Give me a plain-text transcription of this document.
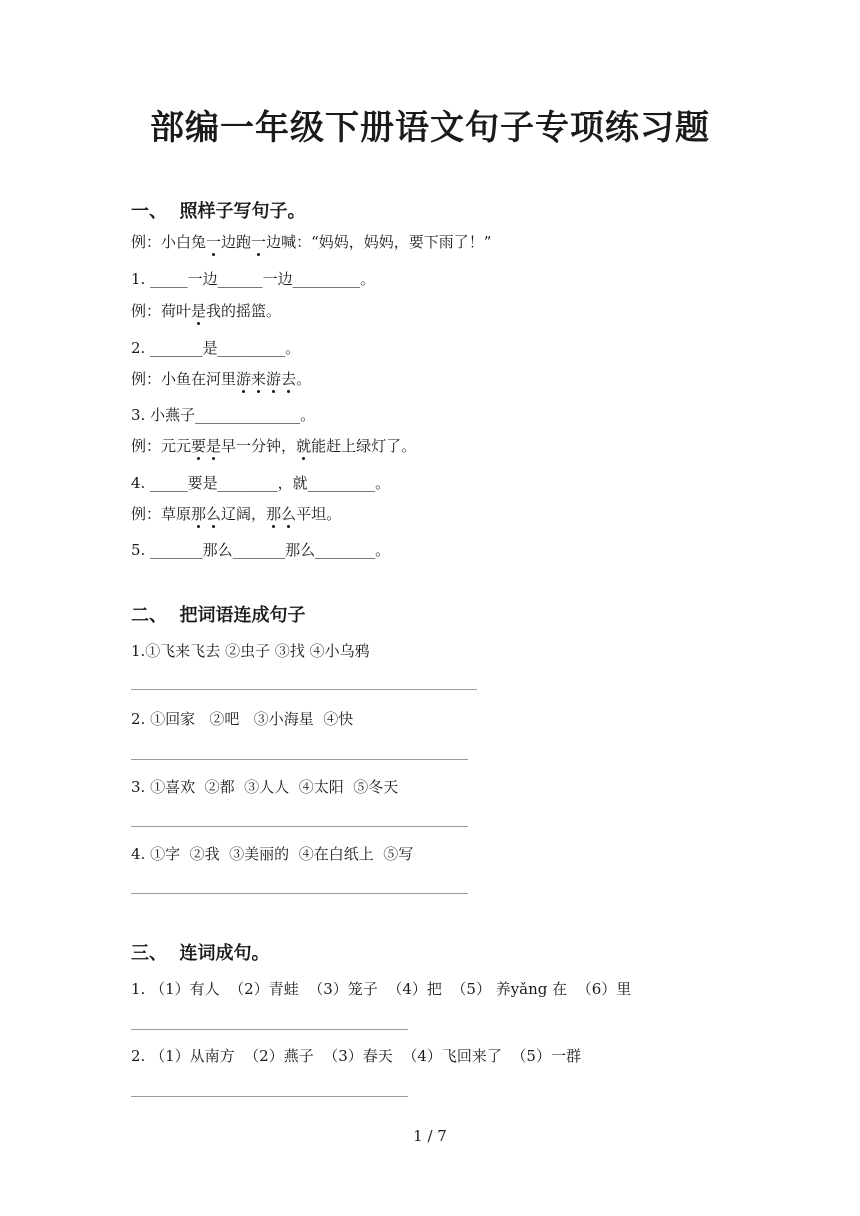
部编一年级下册语文句子专项练习题
一、  照样子写句子。
例：小白兔一边跑一边喊：“妈妈，妈妈，要下雨了！”
1. _____一边______一边_________。
例：荷叶是我的摇篮。
2. _______是_________。
例：小鱼在河里游来游去。
3. 小燕子______________。
例：元元要是早一分钟，就能赶上绿灯了。
4. _____要是________，就_________。
例：草原那么辽阔，那么平坦。
5. _______那么_______那么________。
二、  把词语连成句子
1.①飞来飞去 ②虫子 ③找 ④小乌鸦
2. ①回家   ②吧   ③小海星  ④快
3. ①喜欢  ②都  ③人人  ④太阳  ⑤冬天
4. ①字  ②我  ③美丽的  ④在白纸上  ⑤写
三、  连词成句。
1. （1）有人  （2）青蛙  （3）笼子  （4）把  （5） 养yǎng 在  （6）里
2. （1）从南方  （2）燕子  （3）春天  （4）飞回来了  （5）一群
1 / 7
